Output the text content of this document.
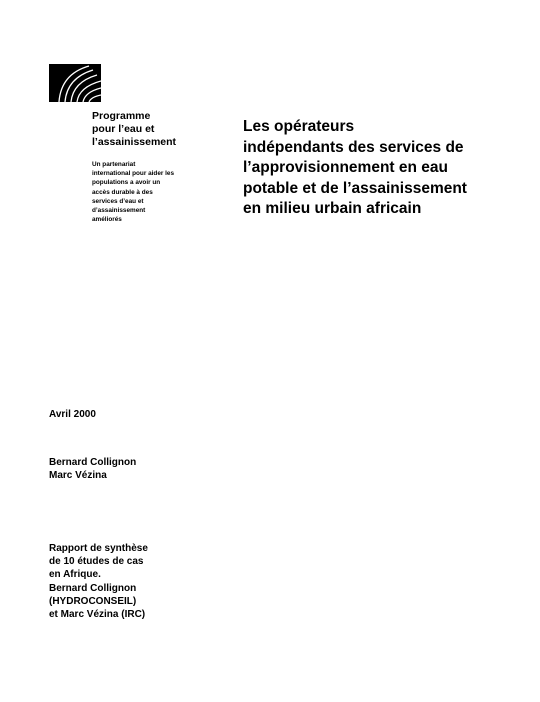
Programme
pour l’eau et
l’assainissement
Un partenariat
international pour aider les
populations a avoir un
accès durable à des
services d’eau et
d’assainissement
améliorés
Les opérateurs
indépendants des services de
l’approvisionnement en eau
potable et de l’assainissement
en milieu urbain africain
Avril 2000
Bernard Collignon
Marc Vézina
Rapport de synthèse
de 10 études de cas
en Afrique.
Bernard Collignon
(HYDROCONSEIL)
et Marc Vézina (IRC)
